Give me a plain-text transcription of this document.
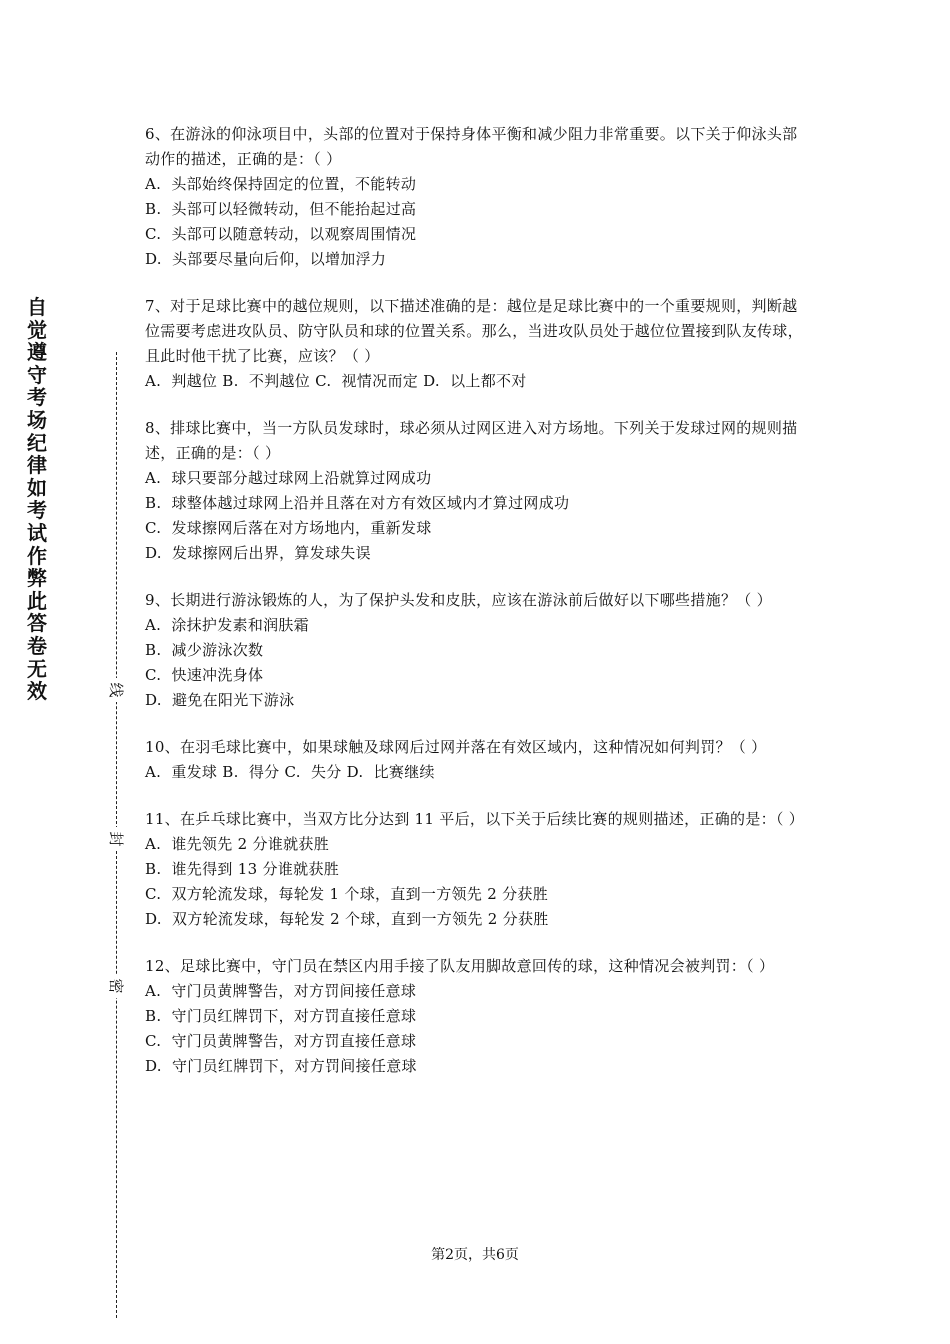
自觉遵守考场纪律如考试作弊此答卷无效	线
封
密

6、在游泳的仰泳项目中，头部的位置对于保持身体平衡和减少阻力非常重要。以下关于仰泳头部动作的描述，正确的是：（ ）

A.  头部始终保持固定的位置，不能转动

B.  头部可以轻微转动，但不能抬起过高

C.  头部可以随意转动，以观察周围情况

D.  头部要尽量向后仰，以增加浮力

7、对于足球比赛中的越位规则，以下描述准确的是：越位是足球比赛中的一个重要规则，判断越位需要考虑进攻队员、防守队员和球的位置关系。那么，当进攻队员处于越位位置接到队友传球，且此时他干扰了比赛，应该？（ ）

A.  判越位 B.  不判越位 C.  视情况而定 D.  以上都不对

8、排球比赛中，当一方队员发球时，球必须从过网区进入对方场地。下列关于发球过网的规则描述，正确的是：（ ）

A.  球只要部分越过球网上沿就算过网成功

B.  球整体越过球网上沿并且落在对方有效区域内才算过网成功

C.  发球擦网后落在对方场地内，重新发球

D.  发球擦网后出界，算发球失误

9、长期进行游泳锻炼的人，为了保护头发和皮肤，应该在游泳前后做好以下哪些措施？（ ）

A.  涂抹护发素和润肤霜

B.  减少游泳次数

C.  快速冲洗身体

D.  避免在阳光下游泳

10、在羽毛球比赛中，如果球触及球网后过网并落在有效区域内，这种情况如何判罚？（ ）

A.  重发球 B.  得分 C.  失分 D.  比赛继续

11、在乒乓球比赛中，当双方比分达到 11 平后，以下关于后续比赛的规则描述，正确的是：（ ）

A.  谁先领先 2 分谁就获胜

B.  谁先得到 13 分谁就获胜

C.  双方轮流发球，每轮发 1 个球，直到一方领先 2 分获胜

D.  双方轮流发球，每轮发 2 个球，直到一方领先 2 分获胜

12、足球比赛中，守门员在禁区内用手接了队友用脚故意回传的球，这种情况会被判罚：（ ）

A.  守门员黄牌警告，对方罚间接任意球

B.  守门员红牌罚下，对方罚直接任意球

C.  守门员黄牌警告，对方罚直接任意球

D.  守门员红牌罚下，对方罚间接任意球

第2页，共6页
